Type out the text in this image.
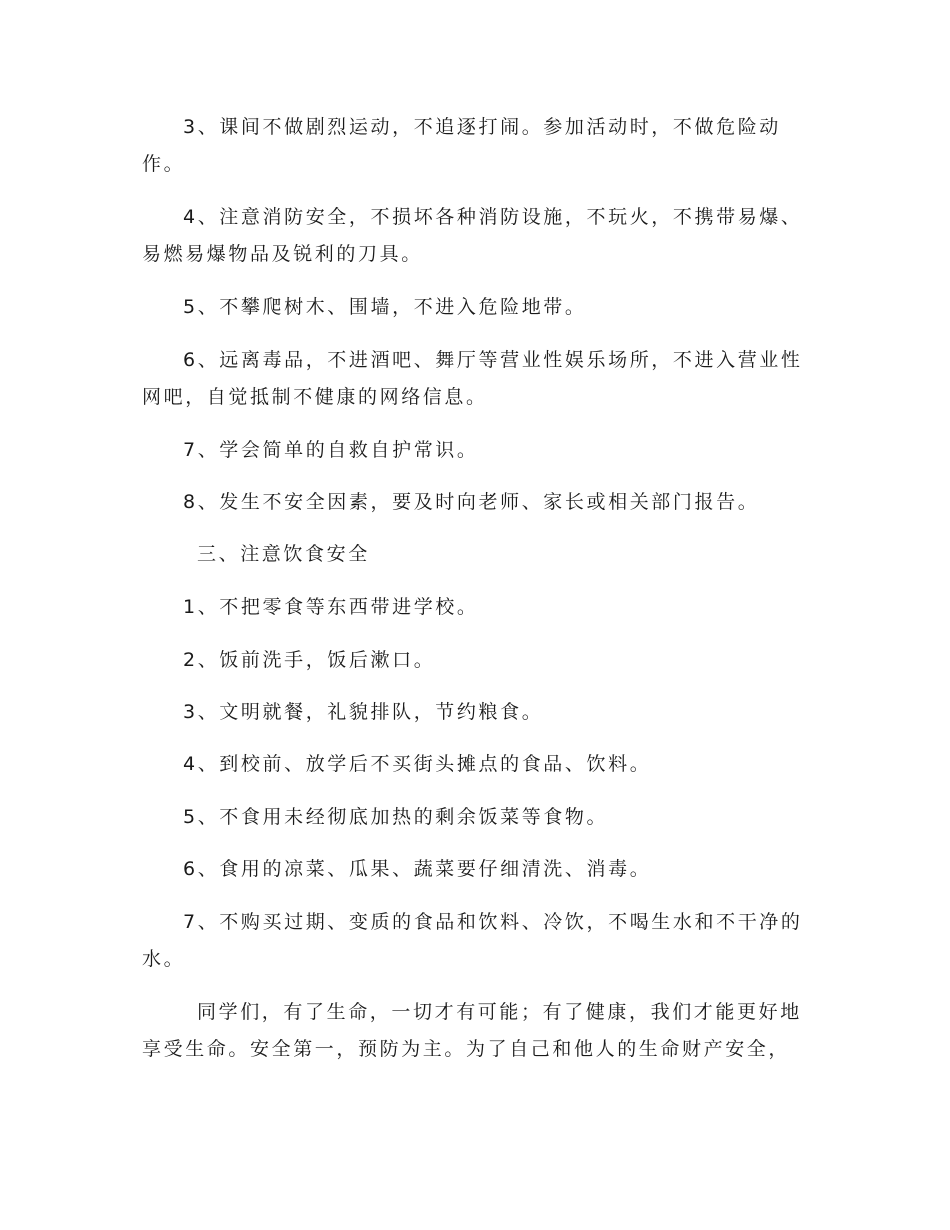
3、课间不做剧烈运动，不追逐打闹。参加活动时，不做危险动作。

4、注意消防安全，不损坏各种消防设施，不玩火，不携带易爆、易燃易爆物品及锐利的刀具。

5、不攀爬树木、围墙，不进入危险地带。

6、远离毒品，不进酒吧、舞厅等营业性娱乐场所，不进入营业性网吧，自觉抵制不健康的网络信息。

7、学会简单的自救自护常识。

8、发生不安全因素，要及时向老师、家长或相关部门报告。

三、注意饮食安全

1、不把零食等东西带进学校。

2、饭前洗手，饭后漱口。

3、文明就餐，礼貌排队，节约粮食。

4、到校前、放学后不买街头摊点的食品、饮料。

5、不食用未经彻底加热的剩余饭菜等食物。

6、食用的凉菜、瓜果、蔬菜要仔细清洗、消毒。

7、不购买过期、变质的食品和饮料、冷饮，不喝生水和不干净的水。

同学们，有了生命，一切才有可能；有了健康，我们才能更好地享受生命。安全第一，预防为主。为了自己和他人的生命财产安全，
